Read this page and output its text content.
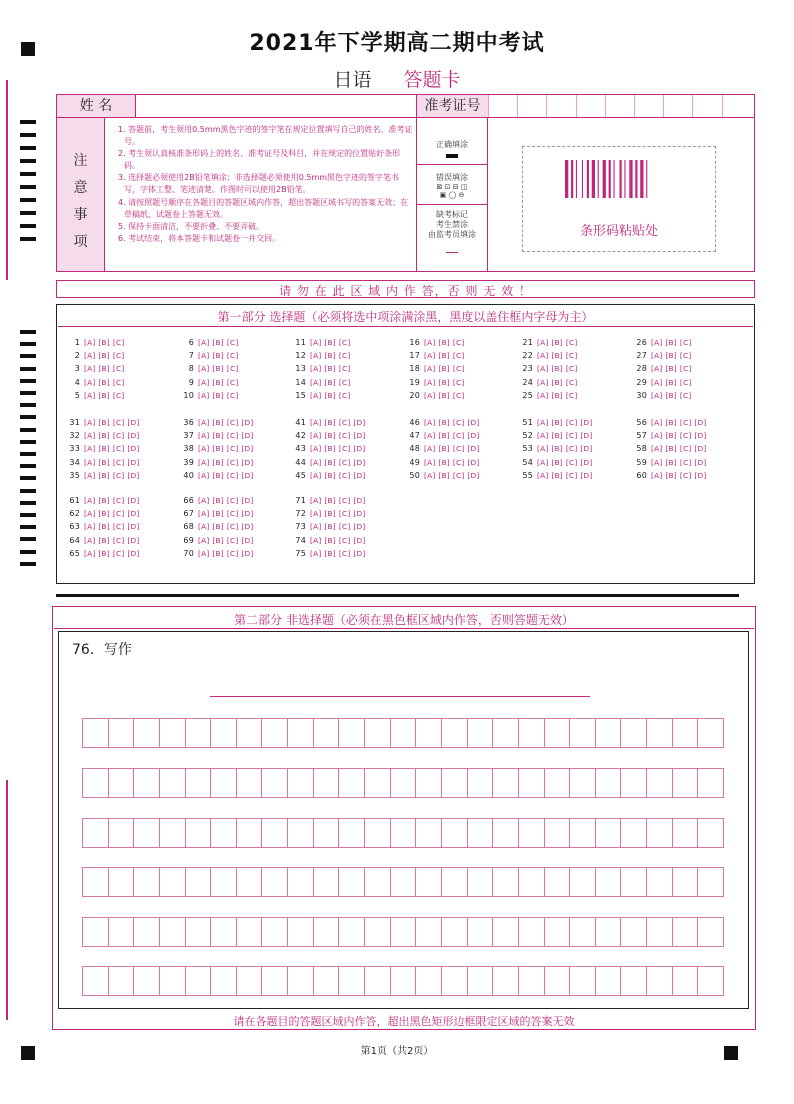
2021年下学期高二期中考试
日语 答题卡
姓 名	准考证号
注
意
事
项
1. 答题前，考生须用0.5mm黑色字迹的签字笔在规定位置填写自己的姓名、准考证号。
2. 考生须认真核准条形码上的姓名、准考证号及科目，并在规定的位置贴好条形码。
3. 选择题必须使用2B铅笔填涂；非选择题必须使用0.5mm黑色字迹的签字笔书写，字体工整、笔迹清楚。作图时可以使用2B铅笔。
4. 请按照题号顺序在各题目的答题区域内作答，超出答题区域书写的答案无效；在草稿纸、试题卷上答题无效。
5. 保持卡面清洁，不要折叠、不要弄破。
6. 考试结束，将本答题卡和试题卷一并交回。
正确填涂
错误填涂
⊠ ⊡ ⊟ ◫
▣ ◯ ⊖
缺考标记
考生禁涂
由监考员填涂	条形码粘贴处
请 勿 在 此 区 域 内 作 答，否 则 无 效 ！
第一部分 选择题（必须将选中项涂满涂黑，黑度以盖住框内字母为主）
1 [A] [B] [C]
2 [A] [B] [C]
3 [A] [B] [C]
4 [A] [B] [C]
5 [A] [B] [C]
6 [A] [B] [C]
7 [A] [B] [C]
8 [A] [B] [C]
9 [A] [B] [C]
10 [A] [B] [C]
11 [A] [B] [C]
12 [A] [B] [C]
13 [A] [B] [C]
14 [A] [B] [C]
15 [A] [B] [C]
16 [A] [B] [C]
17 [A] [B] [C]
18 [A] [B] [C]
19 [A] [B] [C]
20 [A] [B] [C]
21 [A] [B] [C]
22 [A] [B] [C]
23 [A] [B] [C]
24 [A] [B] [C]
25 [A] [B] [C]
26 [A] [B] [C]
27 [A] [B] [C]
28 [A] [B] [C]
29 [A] [B] [C]
30 [A] [B] [C]
31 [A] [B] [C] [D]
32 [A] [B] [C] [D]
33 [A] [B] [C] [D]
34 [A] [B] [C] [D]
35 [A] [B] [C] [D]
36 [A] [B] [C] [D]
37 [A] [B] [C] [D]
38 [A] [B] [C] [D]
39 [A] [B] [C] [D]
40 [A] [B] [C] [D]
41 [A] [B] [C] [D]
42 [A] [B] [C] [D]
43 [A] [B] [C] [D]
44 [A] [B] [C] [D]
45 [A] [B] [C] [D]
46 [A] [B] [C] [D]
47 [A] [B] [C] [D]
48 [A] [B] [C] [D]
49 [A] [B] [C] [D]
50 [A] [B] [C] [D]
51 [A] [B] [C] [D]
52 [A] [B] [C] [D]
53 [A] [B] [C] [D]
54 [A] [B] [C] [D]
55 [A] [B] [C] [D]
56 [A] [B] [C] [D]
57 [A] [B] [C] [D]
58 [A] [B] [C] [D]
59 [A] [B] [C] [D]
60 [A] [B] [C] [D]
61 [A] [B] [C] [D]
62 [A] [B] [C] [D]
63 [A] [B] [C] [D]
64 [A] [B] [C] [D]
65 [A] [B] [C] [D]
66 [A] [B] [C] [D]
67 [A] [B] [C] [D]
68 [A] [B] [C] [D]
69 [A] [B] [C] [D]
70 [A] [B] [C] [D]
71 [A] [B] [C] [D]
72 [A] [B] [C] [D]
73 [A] [B] [C] [D]
74 [A] [B] [C] [D]
75 [A] [B] [C] [D]
第二部分 非选择题（必须在黑色框区域内作答，否则答题无效）
76．写作
请在各题目的答题区域内作答，超出黑色矩形边框限定区域的答案无效
第1页（共2页）
